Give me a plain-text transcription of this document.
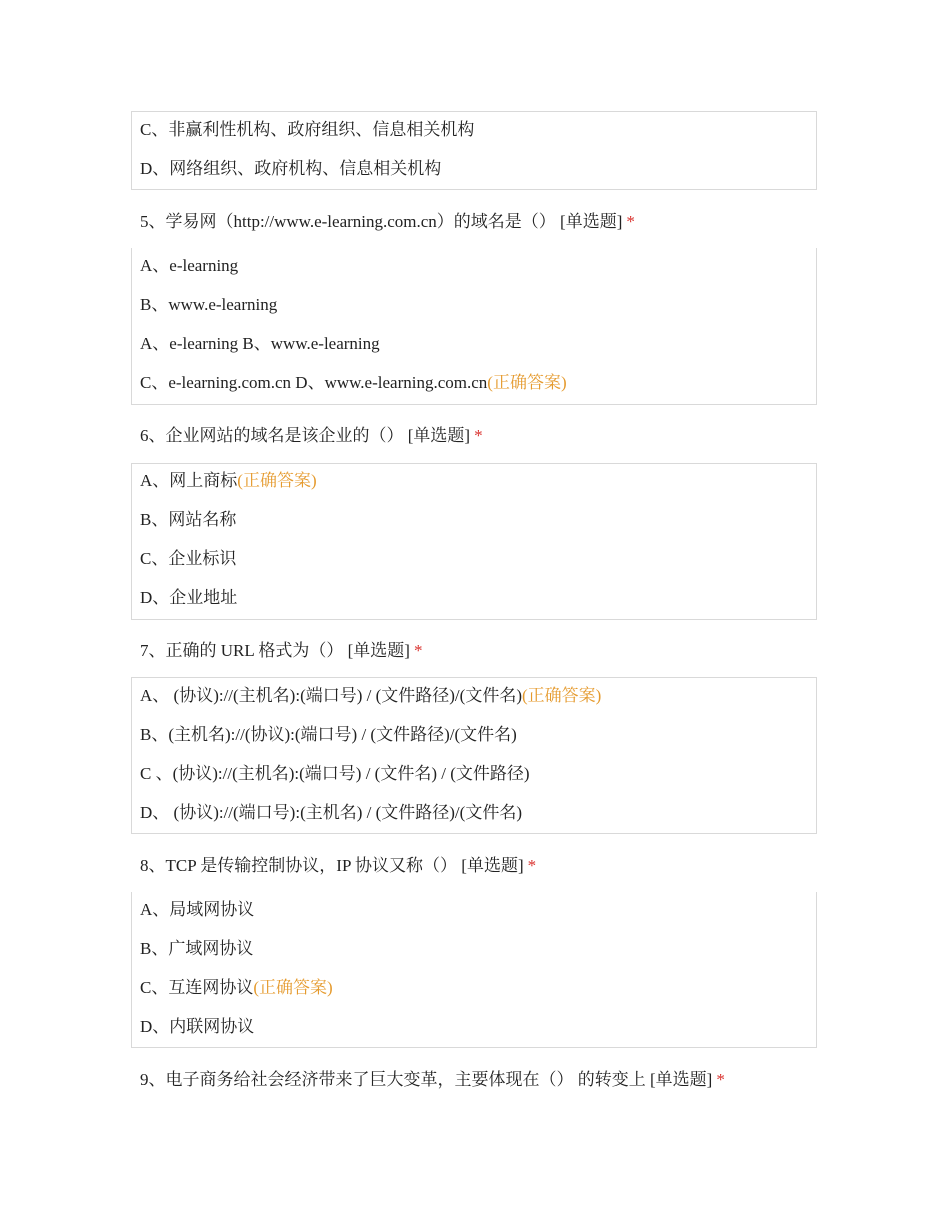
C、非赢利性机构、政府组织、信息相关机构
D、网络组织、政府机构、信息相关机构
5、学易网（http://www.e-learning.com.cn）的域名是（） [单选题] *
A、e-learning
B、www.e-learning
A、e-learning B、www.e-learning
C、e-learning.com.cn D、www.e-learning.com.cn(正确答案)
6、企业网站的域名是该企业的（） [单选题] *
A、网上商标(正确答案)
B、网站名称
C、企业标识
D、企业地址
7、正确的 URL 格式为（） [单选题] *
A、 (协议)://(主机名):(端口号) / (文件路径)/(文件名)(正确答案)
B、(主机名)://(协议):(端口号) / (文件路径)/(文件名)
C 、(协议)://(主机名):(端口号) / (文件名) / (文件路径)
D、 (协议)://(端口号):(主机名) / (文件路径)/(文件名)
8、TCP 是传输控制协议，IP 协议又称（） [单选题] *
A、局域网协议
B、广域网协议
C、互连网协议(正确答案)
D、内联网协议
9、电子商务给社会经济带来了巨大变革，主要体现在（） 的转变上 [单选题] *
